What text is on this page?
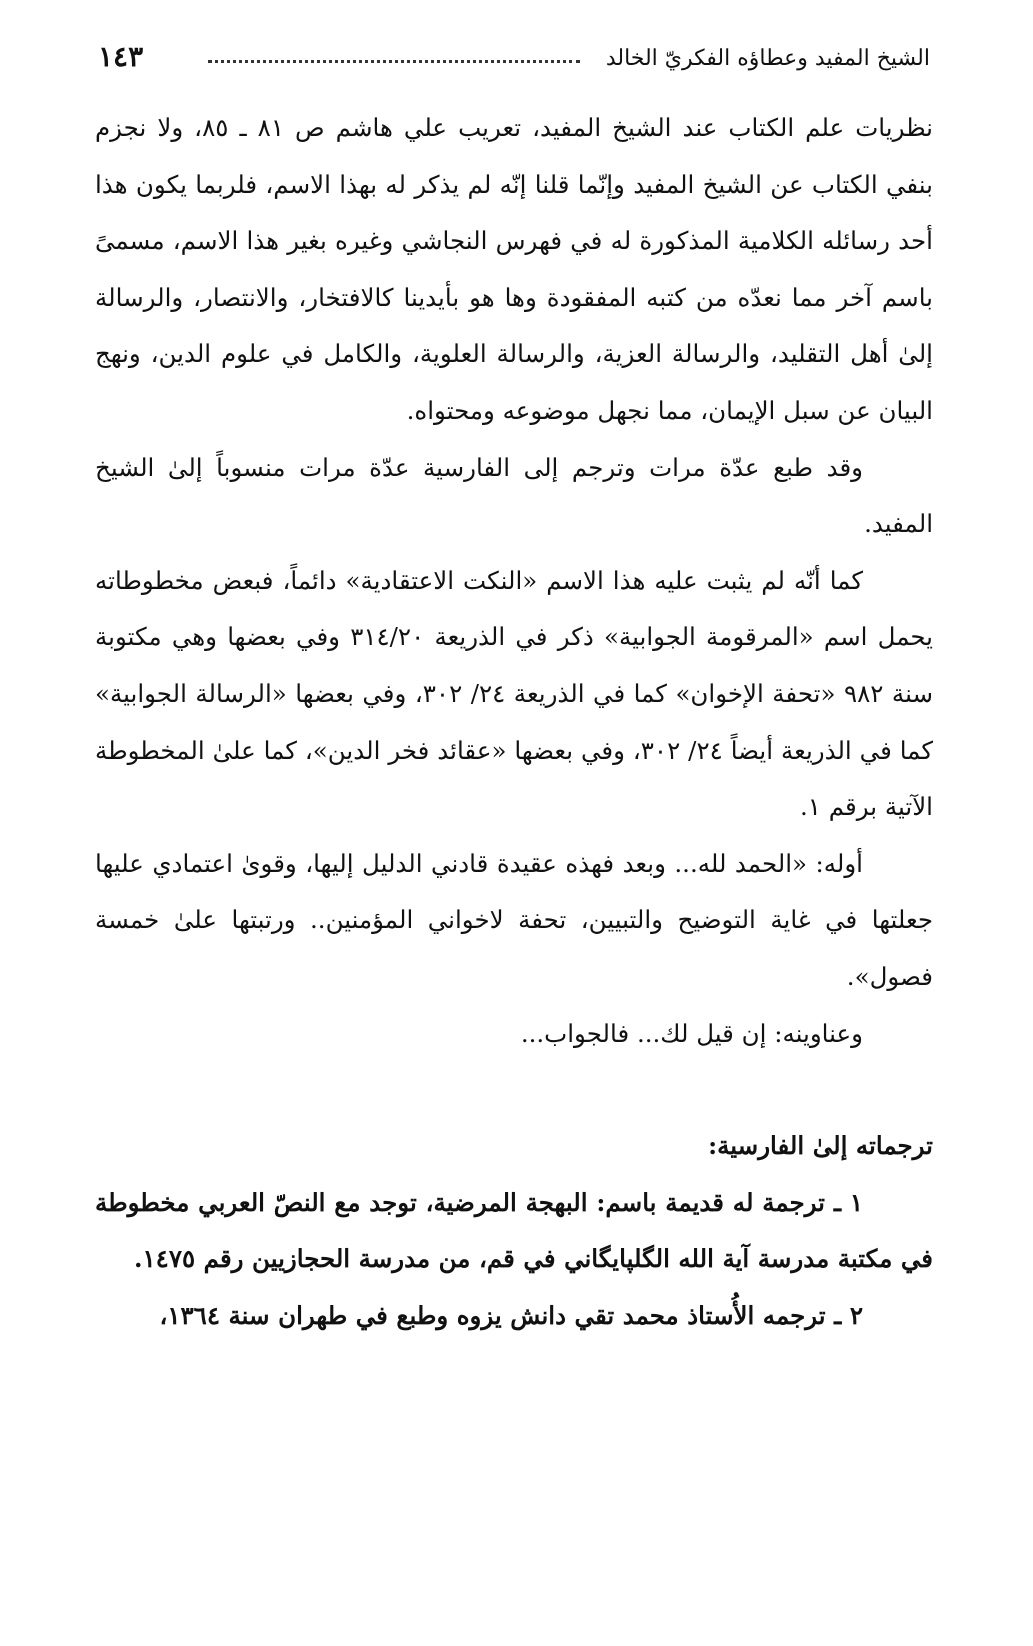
الشيخ المفيد وعطاؤه الفكريّ الخالد
١٤٣

نظريات علم الكتاب عند الشيخ المفيد، تعريب علي هاشم ص ٨١ ـ ٨٥، ولا نجزم بنفي الكتاب عن الشيخ المفيد وإنّما قلنا إنّه لم يذكر له بهذا الاسم، فلربما يكون هذا أحد رسائله الكلامية المذكورة له في فهرس النجاشي وغيره بغير هذا الاسم، مسمىً باسم آخر مما نعدّه من كتبه المفقودة وها هو بأيدينا كالافتخار، والانتصار، والرسالة إلىٰ أهل التقليد، والرسالة العزية، والرسالة العلوية، والكامل في علوم الدين، ونهج البيان عن سبل الإيمان، مما نجهل موضوعه ومحتواه.

وقد طبع عدّة مرات وترجم إلى الفارسية عدّة مرات منسوباً إلىٰ الشيخ المفيد.

كما أنّه لم يثبت عليه هذا الاسم «النكت الاعتقادية» دائماً، فبعض مخطوطاته يحمل اسم «المرقومة الجوابية» ذكر في الذريعة ٣١٤/٢٠ وفي بعضها وهي مكتوبة سنة ٩٨٢ «تحفة الإخوان» كما في الذريعة ٢٤/ ٣٠٢، وفي بعضها «الرسالة الجوابية» كما في الذريعة أيضاً ٢٤/ ٣٠٢، وفي بعضها «عقائد فخر الدين»، كما علىٰ المخطوطة الآتية برقم ١.

أوله: «الحمد لله... وبعد فهذه عقيدة قادني الدليل إليها، وقوىٰ اعتمادي عليها جعلتها في غاية التوضيح والتبيين، تحفة لاخواني المؤمنين.. ورتبتها علىٰ خمسة فصول».

وعناوينه: إن قيل لك... فالجواب...

ترجماته إلىٰ الفارسية:

١ ـ ترجمة له قديمة باسم: البهجة المرضية، توجد مع النصّ العربي مخطوطة في مكتبة مدرسة آية الله الگلپايگاني في قم، من مدرسة الحجازيين رقم ١٤٧٥.

٢ ـ ترجمه الأُستاذ محمد تقي دانش يزوه وطبع في طهران سنة ١٣٦٤،
